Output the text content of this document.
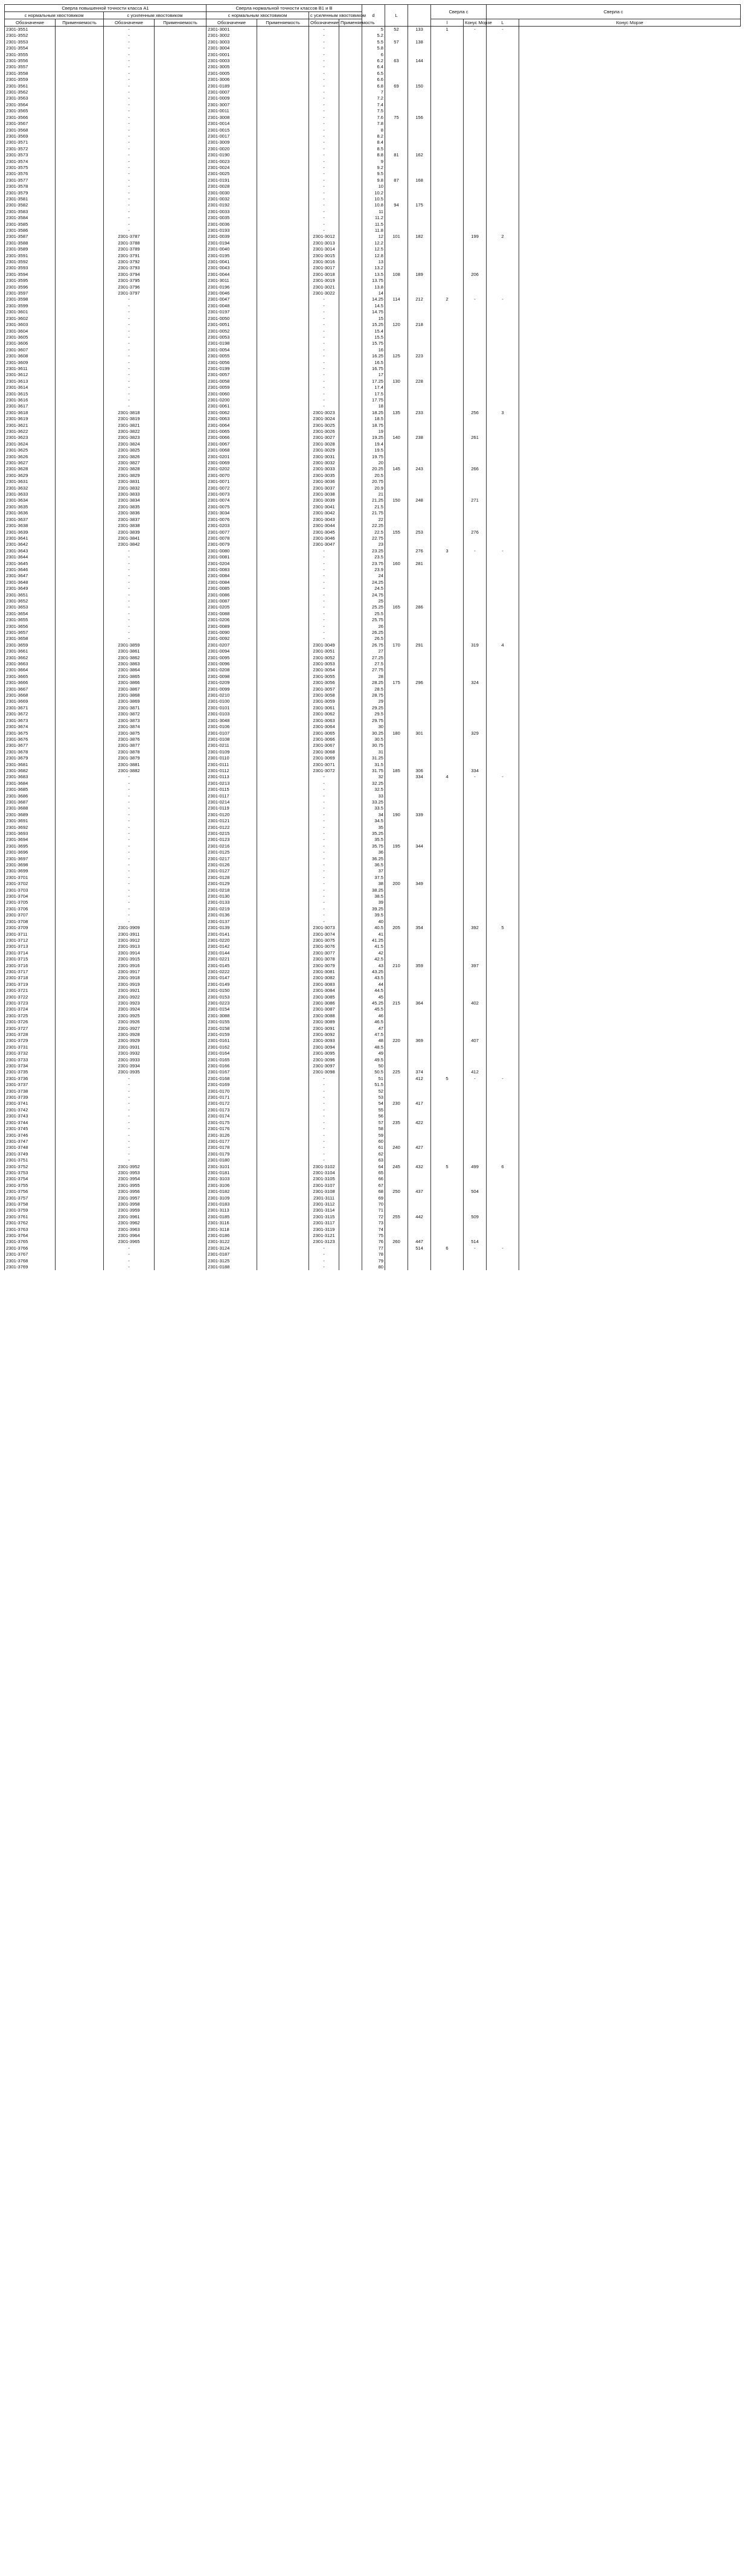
Сверла повышенной точности класса А1				Сверла нормальной точности классов В1 и В				d	L		Сверла с		Сверла с	
с нормальным хвостовиком		с усиленным хвостовиком		с нормальным хвостовиком		с усиленным хвостовиком								
Обозначение	Применяемость	Обозначение	Применяемость	Обозначение	Применяемость	Обозначение	Применяемость				l	Конус Морзе	L	Конус Морзе
2301-3551		-		2301-3001		-		5	52	133	1	-	-	
2301-3552		-		2301-3002		-		5.2						
2301-3553		-		2301-3003		-		5.5	57	138				
2301-3554		-		2301-3004		-		5.8						
2301-3555		-		2301-0001		-		6						
2301-3556		-		2301-0003		-		6.2	63	144				
2301-3557		-		2301-3005		-		6.4						
2301-3558		-		2301-0005		-		6.5						
2301-3559		-		2301-3006		-		6.6						
2301-3561		-		2301-0189		-		6.8	69	150				
2301-3562		-		2301-0007		-		7						
2301-3563		-		2301-0009		-		7.2						
2301-3564		-		2301-3007		-		7.4						
2301-3565		-		2301-0011		-		7.5						
2301-3566		-		2301-3008		-		7.6	75	156				
2301-3567		-		2301-0014		-		7.8						
2301-3568		-		2301-0015		-		8						
2301-3569		-		2301-0017		-		8.2						
2301-3571		-		2301-3009		-		8.4						
2301-3572		-		2301-0020		-		8.5						
2301-3573		-		2301-0190		-		8.8	81	162				
2301-3574		-		2301-0023		-		9						
2301-3575		-		2301-0024		-		9.2						
2301-3576		-		2301-0025		-		9.5						
2301-3577		-		2301-0191		-		9.8	87	168				
2301-3578		-		2301-0028		-		10						
2301-3579		-		2301-0030		-		10.2						
2301-3581		-		2301-0032		-		10.5						
2301-3582		-		2301-0192		-		10.8	94	175				
2301-3583		-		2301-0033		-		11						
2301-3584		-		2301-0035		-		11.2						
2301-3585		-		2301-0036		-		11.5						
2301-3586		-		2301-0193		-		11.8						
2301-3587		2301-3787		2301-0039		2301-3012		12	101	182		199	2	
2301-3588		2301-3788		2301-0194		2301-3013		12.2						
2301-3589		2301-3789		2301-0040		2301-3014		12.5						
2301-3591		2301-3791		2301-0195		2301-3015		12.8						
2301-3592		2301-3792		2301-0041		2301-3016		13						
2301-3593		2301-3793		2301-0043		2301-3017		13.2						
2301-3594		2301-3794		2301-0044		2301-3018		13.5	108	189		206		
2301-3595		2301-3795		2301-3011		2301-3019		13.75						
2301-3596		2301-3796		2301-0196		2301-3021		13.8						
2301-3597		2301-3797		2301-0046		2301-3022		14						
2301-3598		-		2301-0047		-		14.25	114	212	2	-	-	
2301-3599		-		2301-0048		-		14.5						
2301-3601		-		2301-0197		-		14.75						
2301-3602		-		2301-0050		-		15						
2301-3603		-		2301-0051		-		15.25	120	218				
2301-3604		-		2301-0052		-		15.4						
2301-3605		-		2301-0053		-		15.5						
2301-3606		-		2301-0198		-		15.75						
2301-3607		-		2301-0054		-		16						
2301-3608		-		2301-0055		-		16.25	125	223				
2301-3609		-		2301-0056		-		16.5						
2301-3611		-		2301-0199		-		16.75						
2301-3612		-		2301-0057		-		17						
2301-3613		-		2301-0058		-		17.25	130	228				
2301-3614		-		2301-0059		-		17.4						
2301-3615		-		2301-0060		-		17.5						
2301-3616		-		2301-0200		-		17.75						
2301-3617		-		2301-0061		-		18						
2301-3618		2301-3818		2301-0062		2301-3023		18.25	135	233		256	3	
2301-3619		2301-3819		2301-0063		2301-3024		18.5						
2301-3621		2301-3821		2301-0064		2301-3025		18.75						
2301-3622		2301-3822		2301-0065		2301-3026		19						
2301-3623		2301-3823		2301-0066		2301-3027		19.25	140	238		261		
2301-3624		2301-3824		2301-0067		2301-3028		19.4						
2301-3625		2301-3825		2301-0068		2301-3029		19.5						
2301-3626		2301-3826		2301-0201		2301-3031		19.75						
2301-3627		2301-3827		2301-0069		2301-3032		20						
2301-3628		2301-3828		2301-0202		2301-3033		20.25	145	243		266		
2301-3629		2301-3829		2301-0070		2301-3035		20.5						
2301-3631		2301-3831		2301-0071		2301-3036		20.75						
2301-3632		2301-3832		2301-0072		2301-3037		20.9						
2301-3633		2301-3833		2301-0073		2301-3038		21						
2301-3634		2301-3834		2301-0074		2301-3039		21.25	150	248		271		
2301-3635		2301-3835		2301-0075		2301-3041		21.5						
2301-3636		2301-3836		2301-3034		2301-3042		21.75						
2301-3637		2301-3837		2301-0076		2301-3043		22						
2301-3638		2301-3838		2301-0203		2301-3044		22.25						
2301-3639		2301-3839		2301-0077		2301-3045		22.5	155	253		276		
2301-3641		2301-3841		2301-0078		2301-3046		22.75						
2301-3642		2301-3842		2301-0079		2301-3047		23						
2301-3643		-		2301-0080		-		23.25		276	3	-	-	
2301-3644		-		2301-0081		-		23.5						
2301-3645		-		2301-0204		-		23.75	160	281				
2301-3646		-		2301-0083		-		23.9						
2301-3647		-		2301-0084		-		24						
2301-3648		-		2301-0084		-		24.25						
2301-3649		-		2301-0085		-		24.5						
2301-3651		-		2301-0086		-		24.75						
2301-3652		-		2301-0087		-		25						
2301-3653		-		2301-0205		-		25.25	165	286				
2301-3654		-		2301-0088		-		25.5						
2301-3655		-		2301-0206		-		25.75						
2301-3656		-		2301-0089		-		26						
2301-3657		-		2301-0090		-		26.25						
2301-3658		-		2301-0092		-		26.5						
2301-3659		2301-3859		2301-0207		2301-3049		26.75	170	291		319	4	
2301-3661		2301-3861		2301-0094		2301-3051		27						
2301-3662		2301-3862		2301-0095		2301-3052		27.25						
2301-3663		2301-3863		2301-0096		2301-3053		27.5						
2301-3664		2301-3864		2301-0208		2301-3054		27.75						
2301-3665		2301-3865		2301-0098		2301-3055		28						
2301-3666		2301-3866		2301-0209		2301-3056		28.25	175	296		324		
2301-3667		2301-3867		2301-0099		2301-3057		28.5						
2301-3668		2301-3868		2301-0210		2301-3058		28.75						
2301-3669		2301-3869		2301-0100		2301-3059		29						
2301-3671		2301-3871		2301-0101		2301-3061		29.25						
2301-3672		2301-3872		2301-0103		2301-3062		29.5						
2301-3673		2301-3873		2301-3048		2301-3063		29.75						
2301-3674		2301-3874		2301-0106		2301-3064		30						
2301-3675		2301-3875		2301-0107		2301-3065		30.25	180	301		329		
2301-3676		2301-3876		2301-0108		2301-3066		30.5						
2301-3677		2301-3877		2301-0211		2301-3067		30.75						
2301-3678		2301-3878		2301-0109		2301-3068		31						
2301-3679		2301-3879		2301-0110		2301-3069		31.25						
2301-3681		2301-3881		2301-0111		2301-3071		31.5						
2301-3682		2301-3882		2301-0112		2301-3072		31.75	185	306		334		
2301-3683		-		2301-0113		-		32		334	4	-	-	
2301-3684		-		2301-0213		-		32.25						
2301-3685		-		2301-0115		-		32.5						
2301-3686		-		2301-0117		-		33						
2301-3687		-		2301-0214		-		33.25						
2301-3688		-		2301-0119		-		33.5						
2301-3689		-		2301-0120		-		34	190	339				
2301-3691		-		2301-0121		-		34.5						
2301-3692		-		2301-0122		-		35						
2301-3693		-		2301-0215		-		35.25						
2301-3694		-		2301-0123		-		35.5						
2301-3695		-		2301-0216		-		35.75	195	344				
2301-3696		-		2301-0125		-		36						
2301-3697		-		2301-0217		-		36.25						
2301-3698		-		2301-0126		-		36.5						
2301-3699		-		2301-0127		-		37						
2301-3701		-		2301-0128		-		37.5						
2301-3702		-		2301-0129		-		38	200	349				
2301-3703		-		2301-0218		-		38.25						
2301-3704		-		2301-0130		-		38.5						
2301-3705		-		2301-0133		-		39						
2301-3706		-		2301-0219		-		39.25						
2301-3707		-		2301-0136		-		39.5						
2301-3708		-		2301-0137		-		40						
2301-3709		2301-3909		2301-0139		2301-3073		40.5	205	354		392	5	
2301-3711		2301-3911		2301-0141		2301-3074		41						
2301-3712		2301-3912		2301-0220		2301-3075		41.25						
2301-3713		2301-3913		2301-0142		2301-3076		41.5						
2301-3714		2301-3914		2301-0144		2301-3077		42						
2301-3715		2301-3915		2301-0221		2301-3078		42.5						
2301-3716		2301-3916		2301-0145		2301-3079		43	210	359		397		
2301-3717		2301-3917		2301-0222		2301-3081		43.25						
2301-3718		2301-3918		2301-0147		2301-3082		43.5						
2301-3719		2301-3919		2301-0149		2301-3083		44						
2301-3721		2301-3921		2301-0150		2301-3084		44.5						
2301-3722		2301-3922		2301-0153		2301-3085		45						
2301-3723		2301-3923		2301-0223		2301-3086		45.25	215	364		402		
2301-3724		2301-3924		2301-0154		2301-3087		45.5						
2301-3725		2301-3925		2301-3088		2301-3088		46						
2301-3726		2301-3926		2301-0155		2301-3089		46.5						
2301-3727		2301-3927		2301-0158		2301-3091		47						
2301-3728		2301-3928		2301-0159		2301-3092		47.5						
2301-3729		2301-3929		2301-0161		2301-3093		48	220	369		407		
2301-3731		2301-3931		2301-0162		2301-3094		48.5						
2301-3732		2301-3932		2301-0164		2301-3095		49						
2301-3733		2301-3933		2301-0165		2301-3096		49.5						
2301-3734		2301-3934		2301-0166		2301-3097		50						
2301-3735		2301-3935		2301-0167		2301-3098		50.5	225	374		412		
2301-3736		-		2301-0168		-		51		412	5	-	-	
2301-3737		-		2301-0169		-		51.5						
2301-3738		-		2301-0170		-		52						
2301-3739		-		2301-0171		-		53						
2301-3741		-		2301-0172		-		54	230	417				
2301-3742		-		2301-0173		-		55						
2301-3743		-		2301-0174		-		56						
2301-3744		-		2301-0175		-		57	235	422				
2301-3745		-		2301-0176		-		58						
2301-3746		-		2301-3126		-		59						
2301-3747		-		2301-0177		-		60						
2301-3748		-		2301-0178		-		61	240	427				
2301-3749		-		2301-0179		-		62						
2301-3751		-		2301-0180		-		63						
2301-3752		2301-3952		2301-3101		2301-3102		64	245	432	5	499	6	
2301-3753		2301-3953		2301-0181		2301-3104		65						
2301-3754		2301-3954		2301-3103		2301-3105		66						
2301-3755		2301-3955		2301-3106		2301-3107		67						
2301-3756		2301-3956		2301-0182		2301-3108		68	250	437		504		
2301-3757		2301-3957		2301-3109		2301-3111		69						
2301-3758		2301-3958		2301-0183		2301-3112		70						
2301-3759		2301-3959		2301-3113		2301-3114		71						
2301-3761		2301-3961		2301-0185		2301-3115		72	255	442		509		
2301-3762		2301-3962		2301-3116		2301-3117		73						
2301-3763		2301-3963		2301-3118		2301-3119		74						
2301-3764		2301-3964		2301-0186		2301-3121		75						
2301-3765		2301-3965		2301-3122		2301-3123		76	260	447		514		
2301-3766		-		2301-3124		-		77		514	6	-	-	
2301-3767		-		2301-0187		-		78						
2301-3768		-		2301-3125		-		79						
2301-3769		-		2301-0188		-		80						
